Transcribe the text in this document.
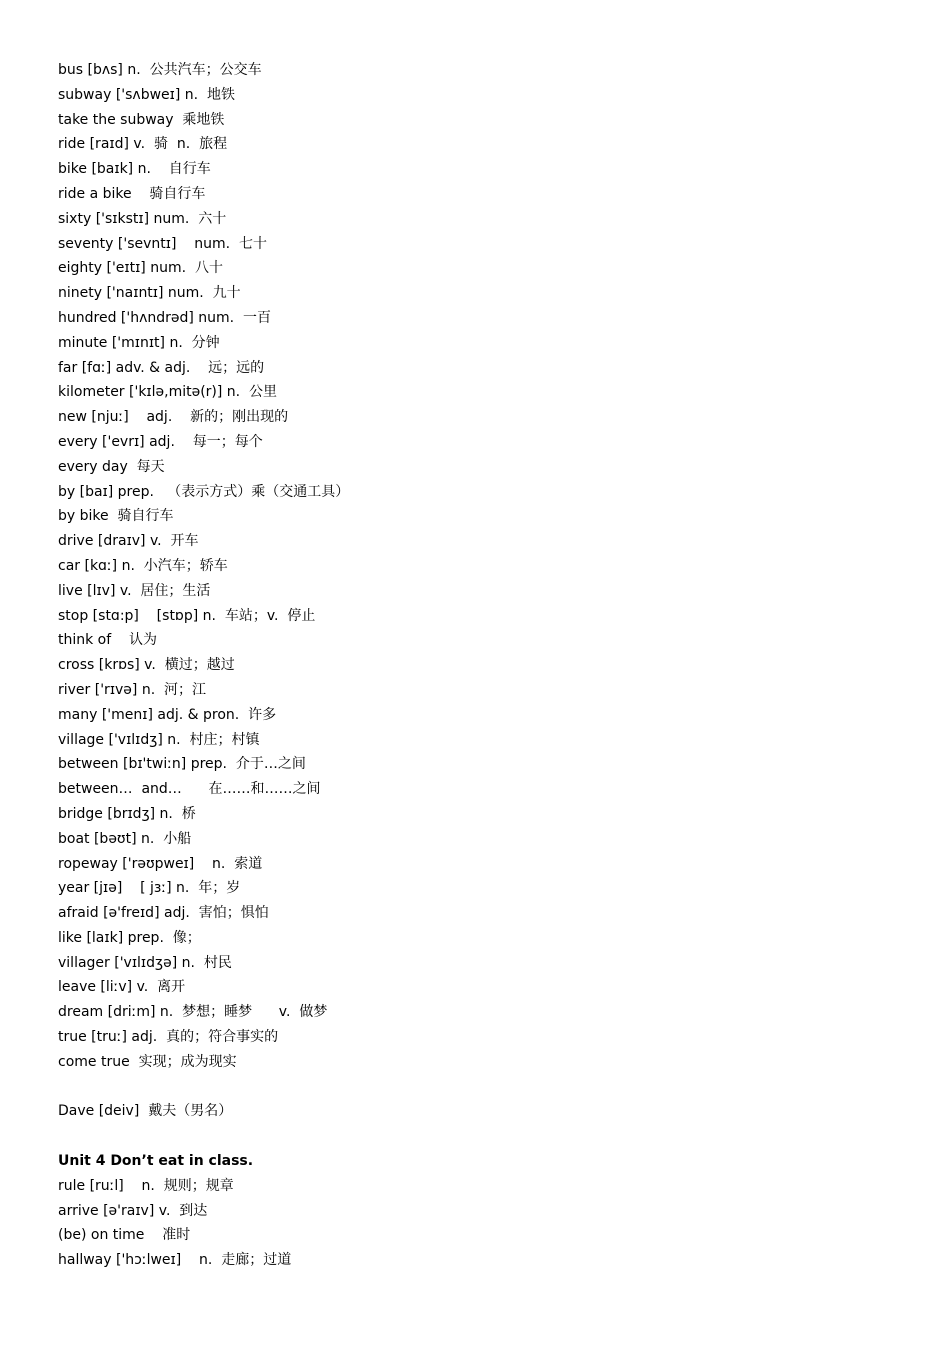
bus [bʌs] n.  公共汽车；公交车
subway ['sʌbweɪ] n.  地铁
take the subway  乘地铁
ride [raɪd] v.  骑  n.  旅程
bike [baɪk] n.    自行车
ride a bike    骑自行车
sixty ['sɪkstɪ] num.  六十
seventy ['sevntɪ]    num.  七十
eighty ['eɪtɪ] num.  八十
ninety ['naɪntɪ] num.  九十
hundred ['hʌndrəd] num.  一百
minute ['mɪnɪt] n.  分钟
far [fɑː] adv. & adj.    远；远的
kilometer ['kɪlə,mitə(r)] n.  公里
new [njuː]    adj.    新的；刚出现的
every ['evrɪ] adj.    每一；每个
every day  每天
by [baɪ] prep.   （表示方式）乘（交通工具）
by bike  骑自行车
drive [draɪv] v.  开车
car [kɑː] n.  小汽车；轿车
live [lɪv] v.  居住；生活
stop [stɑ:p]    [stɒp] n.  车站；v.  停止
think of    认为
cross [krɒs] v.  横过；越过
river ['rɪvə] n.  河；江
many ['menɪ] adj. & pron.  许多
village ['vɪlɪdʒ] n.  村庄；村镇
between [bɪ'twiːn] prep.  介于…之间
between…  and…      在……和……之间
bridge [brɪdʒ] n.  桥
boat [bəʊt] n.  小船
ropeway ['rəʊpweɪ]    n.  索道
year [jɪə]    [ jɜː] n.  年；岁
afraid [ə'freɪd] adj.  害怕；惧怕
like [laɪk] prep.  像；
villager ['vɪlɪdʒə] n.  村民
leave [liːv] v.  离开
dream [driːm] n.  梦想；睡梦      v.  做梦
true [truː] adj.  真的；符合事实的
come true  实现；成为现实
Dave [deiv]  戴夫（男名）
Unit 4 Don’t eat in class.
rule [ruːl]    n.  规则；规章
arrive [ə'raɪv] v.  到达
(be) on time    准时
hallway ['hɔːlweɪ]    n.  走廊；过道
